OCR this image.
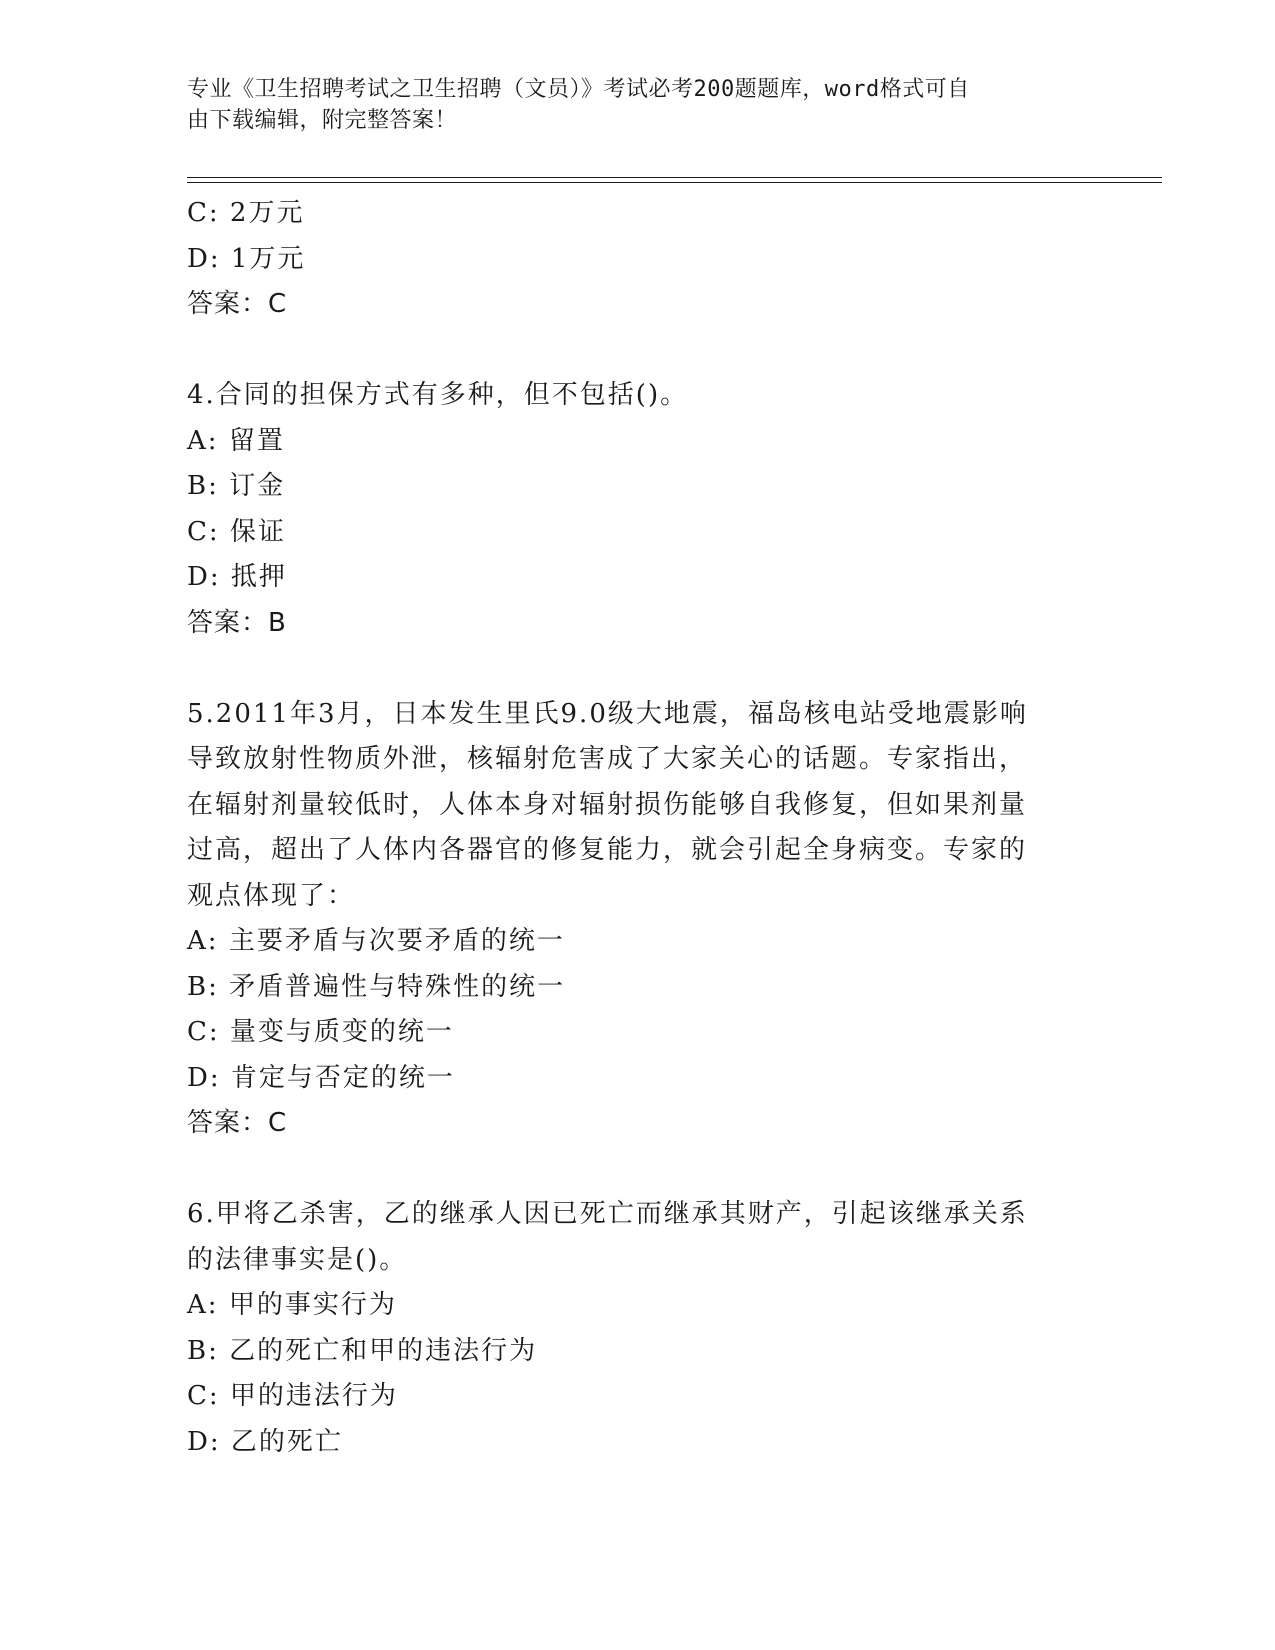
专业《卫生招聘考试之卫生招聘（文员）》考试必考200题题库，word格式可自
由下载编辑，附完整答案！
C: 2万元
D: 1万元
答案：C
4.合同的担保方式有多种，但不包括()。
A: 留置
B: 订金
C: 保证
D: 抵押
答案：B
5.2011年3月，日本发生里氏9.0级大地震，福岛核电站受地震影响
导致放射性物质外泄，核辐射危害成了大家关心的话题。专家指出，
在辐射剂量较低时，人体本身对辐射损伤能够自我修复，但如果剂量
过高，超出了人体内各器官的修复能力，就会引起全身病变。专家的
观点体现了：
A: 主要矛盾与次要矛盾的统一
B: 矛盾普遍性与特殊性的统一
C: 量变与质变的统一
D: 肯定与否定的统一
答案：C
6.甲将乙杀害，乙的继承人因已死亡而继承其财产，引起该继承关系
的法律事实是()。
A: 甲的事实行为
B: 乙的死亡和甲的违法行为
C: 甲的违法行为
D: 乙的死亡
